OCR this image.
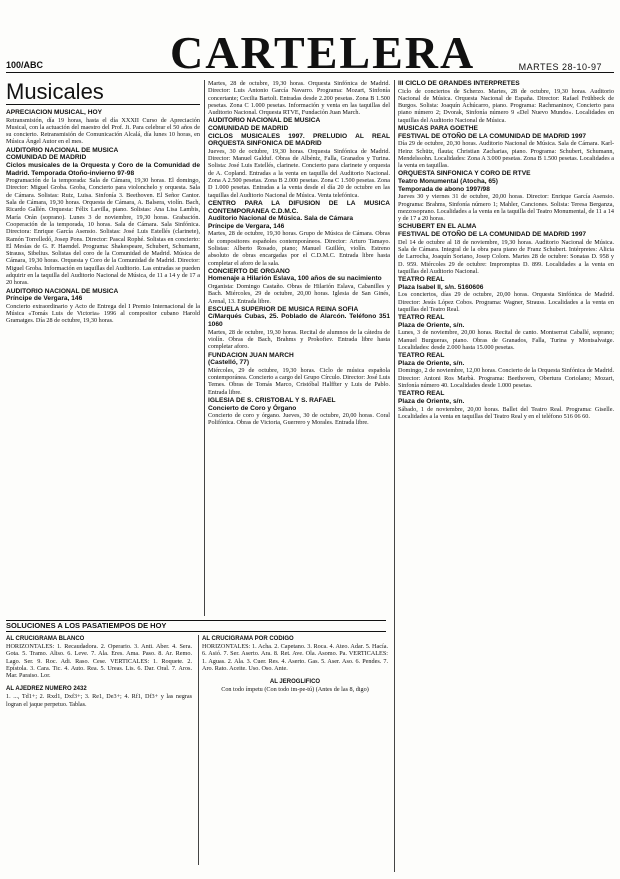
100/ABC	CARTELERA	MARTES 28-10-97
Musicales
APRECIACION MUSICAL, HOY

Retransmisión, día 19 horas, hasta el día XXXII Curso de Apreciación Musical, con la actuación del maestro del Prof. Ji. Para celebrar el 50 años de su concierto. Retransmisión de Comunicación Alcalá, día lunes 10 horas, en Música Ángel Autor en el mes.

AUDITORIO NACIONAL DE MUSICA
COMUNIDAD DE MADRID
Ciclos musicales de la Orquesta y Coro de la Comunidad de Madrid. Temporada Otoño-invierno 97-98

Programación de la temporada: Sala de Cámara, 19,30 horas. El domingo, Director: Miguel Groba. Groba, Concierto para violonchelo y orquesta. Sala de Cámara. Solistas: Ruiz, Luisa. Sinfonía 3. Beethoven. El Señor Cantor. Sala de Cámara, 19,30 horas. Orquesta de Cámara, A. Balsera, violín. Bach, Ricardo Gallén. Orquesta: Félix Lavilla, piano. Solistas: Ana Lisa Lambis, María Orán (soprano). Lunes 3 de noviembre, 19,30 horas. Grabación. Cooperación de la temporada, 10 horas. Sala de Cámara. Sala Sinfónica. Directora: Enrique García Asensio. Solistas: José Luis Estellés (clarinete), Ramón Torrelledó, Josep Pons. Director: Pascal Rophé. Solistas en concierto: El Mesías de G. F. Haendel. Programa: Shakespeare, Schubert, Schumann, Strauss, Sibelius. Solistas del coro de la Comunidad de Madrid. Música de Cámara, 19,30 horas. Orquesta y Coro de la Comunidad de Madrid. Director: Miguel Groba. Información en taquillas del Auditorio. Las entradas se pueden adquirir en la taquilla del Auditorio Nacional de Música, de 11 a 14 y de 17 a 20 horas.

AUDITORIO NACIONAL DE MUSICA
Príncipe de Vergara, 146

Concierto extraordinario y Acto de Entrega del I Premio Internacional de la Música «Tomás Luis de Victoria» 1996 al compositor cubano Harold Gramatges. Día 28 de octubre, 19,30 horas.

Martes, 28 de octubre, 19,30 horas. Orquesta Sinfónica de Madrid. Director: Luis Antonio García Navarro. Programa: Mozart, Sinfonía concertante; Cecilia Bartoli. Entradas desde 2.200 pesetas. Zona B 1.500 pesetas. Zona C 1.000 pesetas. Información y venta en las taquillas del Auditorio Nacional. Orquesta RTVE, Fundación Juan March.

AUDITORIO NACIONAL DE MUSICA
COMUNIDAD DE MADRID
CICLOS MUSICALES 1997. PRELUDIO AL REAL ORQUESTA SINFONICA DE MADRID

Jueves, 30 de octubre, 19,30 horas. Orquesta Sinfónica de Madrid. Director: Manuel Galduf. Obras de Albéniz, Falla, Granados y Turina. Solista: José Luis Estellés, clarinete. Concierto para clarinete y orquesta de A. Copland. Entradas a la venta en taquilla del Auditorio Nacional. Zona A 2.500 pesetas. Zona B 2.000 pesetas. Zona C 1.500 pesetas. Zona D 1.000 pesetas. Entradas a la venta desde el día 20 de octubre en las taquillas del Auditorio Nacional de Música. Venta telefónica.

CENTRO PARA LA DIFUSION DE LA MUSICA CONTEMPORANEA C.D.M.C.
Auditorio Nacional de Música. Sala de Cámara
Príncipe de Vergara, 146

Martes, 28 de octubre, 19,30 horas. Grupo de Música de Cámara. Obras de compositores españoles contemporáneos. Director: Arturo Tamayo. Solistas: Alberto Rosado, piano; Manuel Guillén, violín. Estreno absoluto de obras encargadas por el C.D.M.C. Entrada libre hasta completar el aforo de la sala.

CONCIERTO DE ORGANO
Homenaje a Hilarión Eslava, 100 años de su nacimiento

Organista: Domingo Castaño. Obras de Hilarión Eslava, Cabanilles y Bach. Miércoles, 29 de octubre, 20,00 horas. Iglesia de San Ginés, Arenal, 13. Entrada libre.

ESCUELA SUPERIOR DE MUSICA REINA SOFIA
C/Marqués Cubas, 25. Poblado de Alarcón. Teléfono 351 1060

Martes, 28 de octubre, 19,30 horas. Recital de alumnos de la cátedra de violín. Obras de Bach, Brahms y Prokofiev. Entrada libre hasta completar aforo.

FUNDACION JUAN MARCH
(Castelló, 77)

Miércoles, 29 de octubre, 19,30 horas. Ciclo de música española contemporánea. Concierto a cargo del Grupo Círculo. Director: José Luis Temes. Obras de Tomás Marco, Cristóbal Halffter y Luis de Pablo. Entrada libre.

IGLESIA DE S. CRISTOBAL Y S. RAFAEL
Concierto de Coro y Órgano

Concierto de coro y órgano. Jueves, 30 de octubre, 20,00 horas. Coral Polifónica. Obras de Victoria, Guerrero y Morales. Entrada libre.

III CICLO DE GRANDES INTERPRETES

Ciclo de conciertos de Scherzo. Martes, 28 de octubre, 19,30 horas. Auditorio Nacional de Música. Orquesta Nacional de España. Director: Rafael Frühbeck de Burgos. Solista: Joaquín Achúcarro, piano. Programa: Rachmaninov, Concierto para piano número 2; Dvorak, Sinfonía número 9 «Del Nuevo Mundo». Localidades en taquillas del Auditorio Nacional de Música.

MUSICAS PARA GOETHE
FESTIVAL DE OTOÑO DE LA COMUNIDAD DE MADRID 1997

Día 29 de octubre, 20,30 horas. Auditorio Nacional de Música. Sala de Cámara. Karl-Heinz Schütz, flauta; Christian Zacharias, piano. Programa: Schubert, Schumann, Mendelssohn. Localidades: Zona A 3.000 pesetas. Zona B 1.500 pesetas. Localidades a la venta en taquillas.

ORQUESTA SINFONICA Y CORO DE RTVE
Teatro Monumental (Atocha, 65)
Temporada de abono 1997/98

Jueves 30 y viernes 31 de octubre, 20,00 horas. Director: Enrique García Asensio. Programa: Brahms, Sinfonía número 1; Mahler, Canciones. Solista: Teresa Berganza, mezzosoprano. Localidades a la venta en la taquilla del Teatro Monumental, de 11 a 14 y de 17 a 20 horas.

SCHUBERT EN EL ALMA
FESTIVAL DE OTOÑO DE LA COMUNIDAD DE MADRID 1997

Del 14 de octubre al 18 de noviembre, 19,30 horas. Auditorio Nacional de Música. Sala de Cámara. Integral de la obra para piano de Franz Schubert. Intérpretes: Alicia de Larrocha, Joaquín Soriano, Josep Colom. Martes 28 de octubre: Sonatas D. 958 y D. 959. Miércoles 29 de octubre: Impromptus D. 899. Localidades a la venta en taquillas del Auditorio Nacional.

TEATRO REAL
Plaza Isabel II, s/n. 5160606

Los conciertos, días 29 de octubre, 20,00 horas. Orquesta Sinfónica de Madrid. Director: Jesús López Cobos. Programa: Wagner, Strauss. Localidades a la venta en taquillas del Teatro Real.

TEATRO REAL
Plaza de Oriente, s/n.

Lunes, 3 de noviembre, 20,00 horas. Recital de canto. Montserrat Caballé, soprano; Manuel Burgueras, piano. Obras de Granados, Falla, Turina y Montsalvatge. Localidades: desde 2.000 hasta 15.000 pesetas.

TEATRO REAL
Plaza de Oriente, s/n.

Domingo, 2 de noviembre, 12,00 horas. Concierto de la Orquesta Sinfónica de Madrid. Director: Antoni Ros Marbà. Programa: Beethoven, Obertura Coriolano; Mozart, Sinfonía número 40. Localidades desde 1.000 pesetas.

TEATRO REAL
Plaza de Oriente, s/n.

Sábado, 1 de noviembre, 20,00 horas. Ballet del Teatro Real. Programa: Giselle. Localidades a la venta en taquillas del Teatro Real y en el teléfono 516 06 60.

SOLUCIONES A LOS PASATIEMPOS DE HOY
AL CRUCIGRAMA BLANCO

HORIZONTALES: 1. Recaudadora. 2. Operario. 3. Anti. Aber. 4. Sera. Gota. 5. Tramo. Aliso. 6. Leve. 7. Ala. Eres. Ama. Paso. 8. Ar. Remo. Lago. Ser. 9. Roc. Adi. Raso. Cese. VERTICALES: 1. Roquete. 2. Epístola. 3. Cara. Tic. 4. Auto. Rea. 5. Ureas. Lis. 6. Dar. Oral. 7. Aros. Mar. Paraiso. Lor.

AL AJEDREZ NUMERO 2432

1. ..., Td1+; 2. Rxd1, Dxf3+; 3. Re1, De3+; 4. Rf1, Df3+ y las negras logran el jaque perpetuo. Tablas.

AL CRUCIGRAMA POR CODIGO

HORIZONTALES: 1. Acha. 2. Capetano. 3. Roca. 4. Ateo. Adar. 5. Hacía. 6. Asió. 7. Ser. Aserto. Ara. 8. Ret. Ave. Ola. Asomo. Pa. VERTICALES: 1. Aguas. 2. Ala. 3. Cuer. Res. 4. Aserto. Gas. 5. Aser. Aso. 6. Pendes. 7. Aro. Rato. Aceite. Uso. Oso. Ante.

AL JEROGLIFICO

Con todo ímpetu (Con todo im-pe-tú) (Antes de las 8, digo)
